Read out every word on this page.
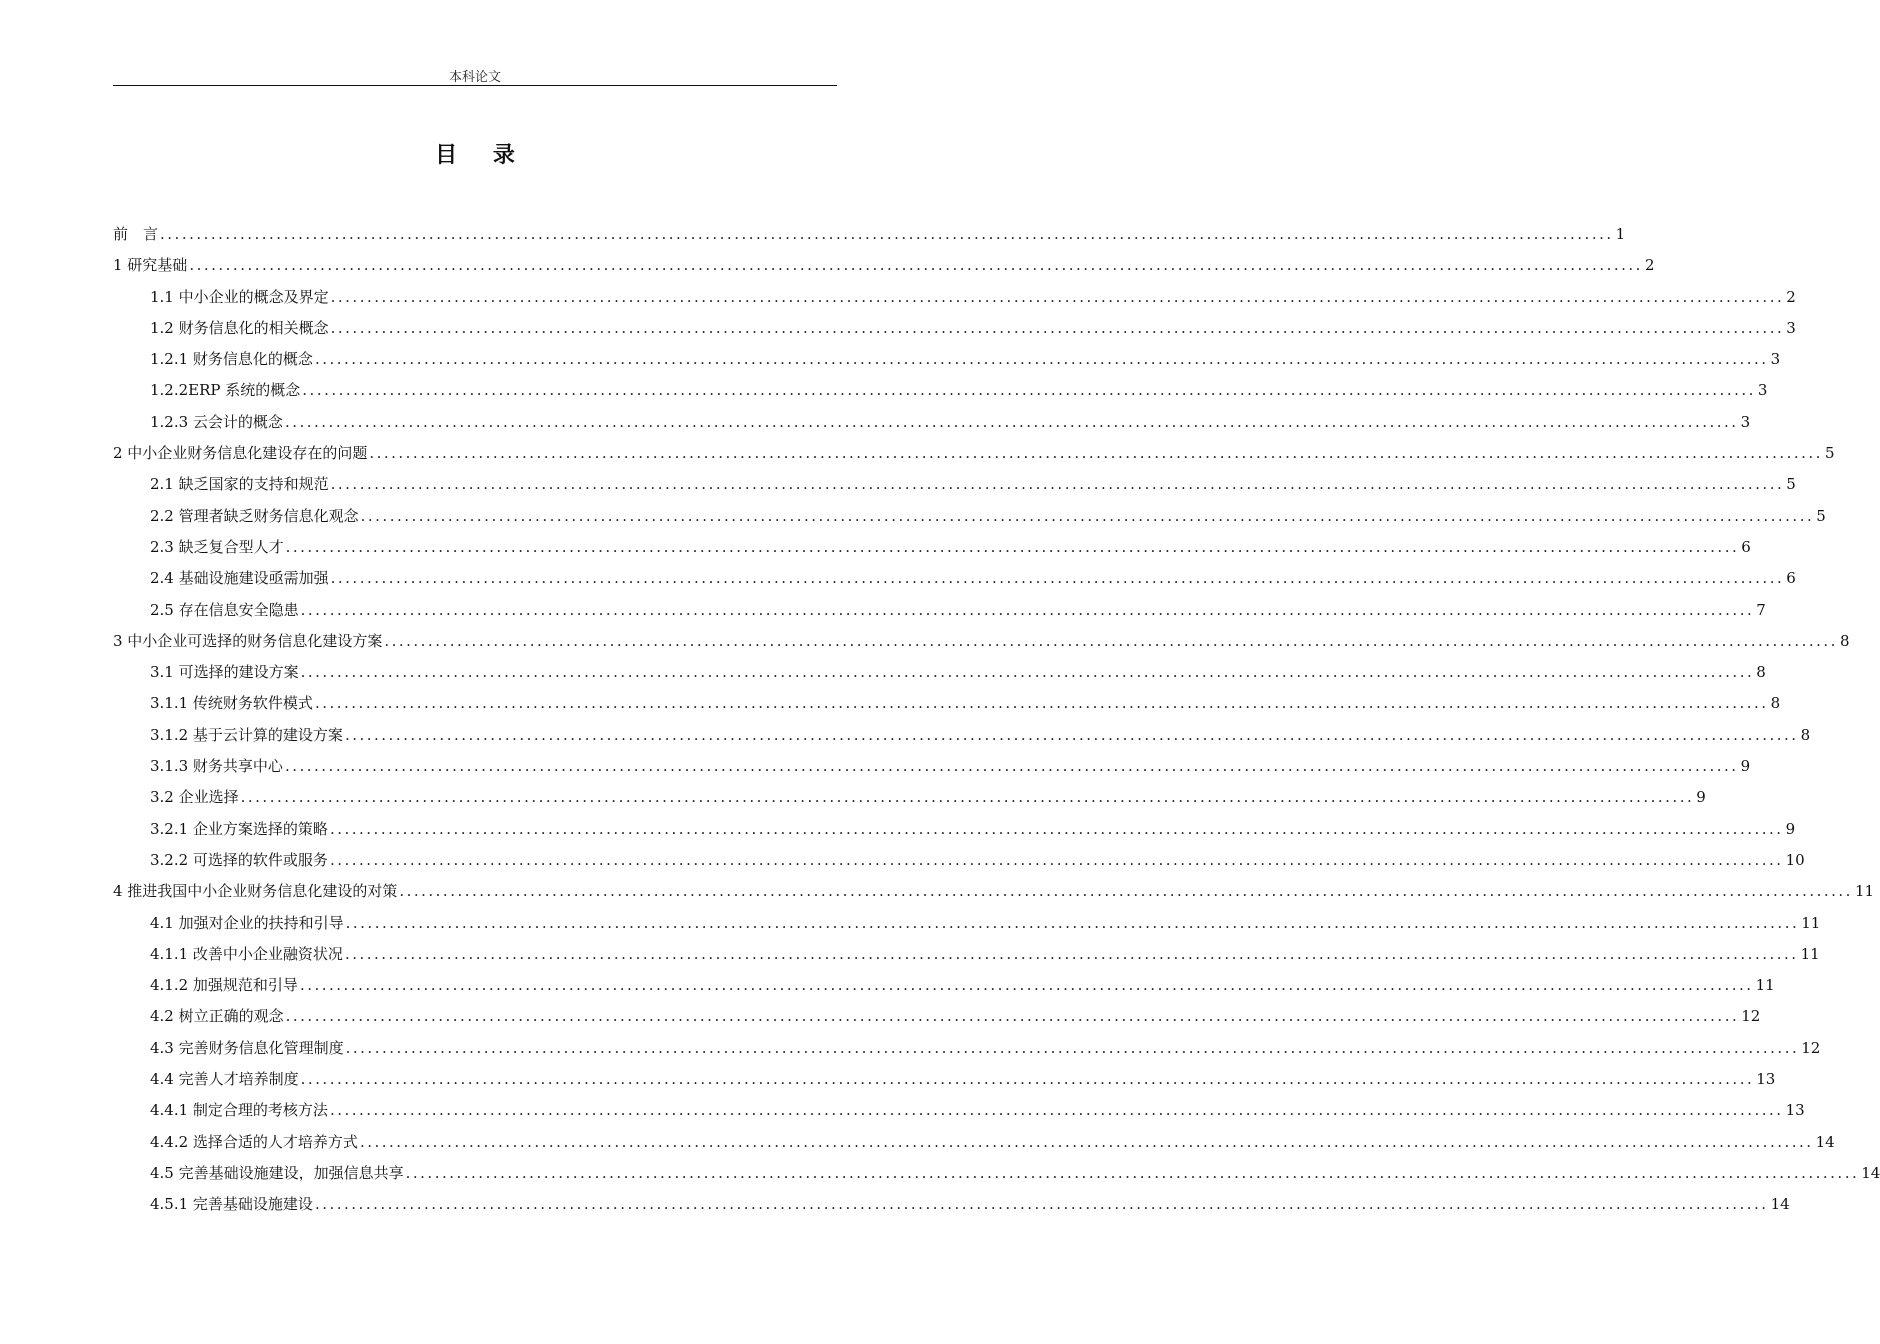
本科论文
目 录
前　言 ........................................................................................................................................................................................................ 1
1 研究基础 ........................................................................................................................................................................................................ 2
1.1 中小企业的概念及界定 ........................................................................................................................................................................................................ 2
1.2 财务信息化的相关概念 ........................................................................................................................................................................................................ 3
1.2.1 财务信息化的概念 ........................................................................................................................................................................................................ 3
1.2.2ERP 系统的概念 ........................................................................................................................................................................................................ 3
1.2.3 云会计的概念 ........................................................................................................................................................................................................ 3
2 中小企业财务信息化建设存在的问题 ........................................................................................................................................................................................................ 5
2.1 缺乏国家的支持和规范 ........................................................................................................................................................................................................ 5
2.2 管理者缺乏财务信息化观念 ........................................................................................................................................................................................................ 5
2.3 缺乏复合型人才 ........................................................................................................................................................................................................ 6
2.4 基础设施建设亟需加强 ........................................................................................................................................................................................................ 6
2.5 存在信息安全隐患 ........................................................................................................................................................................................................ 7
3 中小企业可选择的财务信息化建设方案 ........................................................................................................................................................................................................ 8
3.1 可选择的建设方案 ........................................................................................................................................................................................................ 8
3.1.1 传统财务软件模式 ........................................................................................................................................................................................................ 8
3.1.2 基于云计算的建设方案 ........................................................................................................................................................................................................ 8
3.1.3 财务共享中心 ........................................................................................................................................................................................................ 9
3.2 企业选择 ........................................................................................................................................................................................................ 9
3.2.1 企业方案选择的策略 ........................................................................................................................................................................................................ 9
3.2.2 可选择的软件或服务 ........................................................................................................................................................................................................ 10
4 推进我国中小企业财务信息化建设的对策 ........................................................................................................................................................................................................ 11
4.1 加强对企业的扶持和引导 ........................................................................................................................................................................................................ 11
4.1.1 改善中小企业融资状况 ........................................................................................................................................................................................................ 11
4.1.2 加强规范和引导 ........................................................................................................................................................................................................ 11
4.2 树立正确的观念 ........................................................................................................................................................................................................ 12
4.3 完善财务信息化管理制度 ........................................................................................................................................................................................................ 12
4.4 完善人才培养制度 ........................................................................................................................................................................................................ 13
4.4.1 制定合理的考核方法 ........................................................................................................................................................................................................ 13
4.4.2 选择合适的人才培养方式 ........................................................................................................................................................................................................ 14
4.5 完善基础设施建设，加强信息共享 ........................................................................................................................................................................................................ 14
4.5.1 完善基础设施建设 ........................................................................................................................................................................................................ 14
